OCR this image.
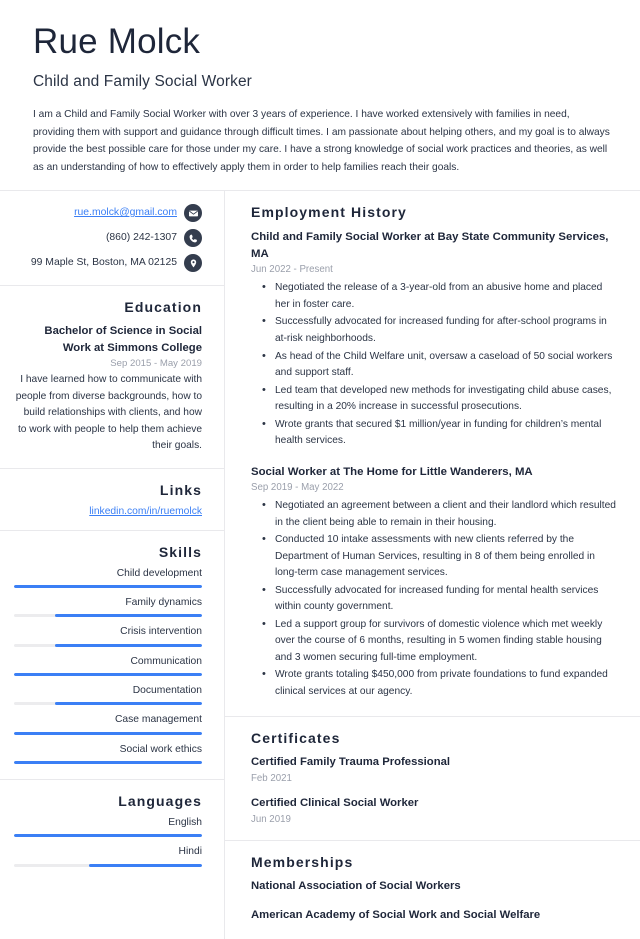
Rue Molck
Child and Family Social Worker

I am a Child and Family Social Worker with over 3 years of experience. I have worked extensively with families in need, providing them with support and guidance through difficult times. I am passionate about helping others, and my goal is to always provide the best possible care for those under my care. I have a strong knowledge of social work practices and theories, as well as an understanding of how to effectively apply them in order to help families reach their goals.

rue.molck@gmail.com
(860) 242-1307
99 Maple St, Boston, MA 02125
Education

Bachelor of Science in Social Work at Simmons College

Sep 2015 - May 2019

I have learned how to communicate with people from diverse backgrounds, how to build relationships with clients, and how to work with people to help them achieve their goals.

Links
linkedin.com/in/ruemolck
Skills
Child development
Family dynamics
Crisis intervention
Communication
Documentation
Case management
Social work ethics
Languages
English
Hindi
Employment History

Child and Family Social Worker at Bay State Community Services, MA

Jun 2022 - Present

• Negotiated the release of a 3-year-old from an abusive home and placed her in foster care.
• Successfully advocated for increased funding for after-school programs in at-risk neighborhoods.
• As head of the Child Welfare unit, oversaw a caseload of 50 social workers and support staff.
• Led team that developed new methods for investigating child abuse cases, resulting in a 20% increase in successful prosecutions.
• Wrote grants that secured $1 million/year in funding for children’s mental health services.

Social Worker at The Home for Little Wanderers, MA

Sep 2019 - May 2022

• Negotiated an agreement between a client and their landlord which resulted in the client being able to remain in their housing.
• Conducted 10 intake assessments with new clients referred by the Department of Human Services, resulting in 8 of them being enrolled in long-term case management services.
• Successfully advocated for increased funding for mental health services within county government.
• Led a support group for survivors of domestic violence which met weekly over the course of 6 months, resulting in 5 women finding stable housing and 3 women securing full-time employment.
• Wrote grants totaling $450,000 from private foundations to fund expanded clinical services at our agency.
Certificates

Certified Family Trauma Professional

Feb 2021

Certified Clinical Social Worker

Jun 2019

Memberships

National Association of Social Workers

American Academy of Social Work and Social Welfare
